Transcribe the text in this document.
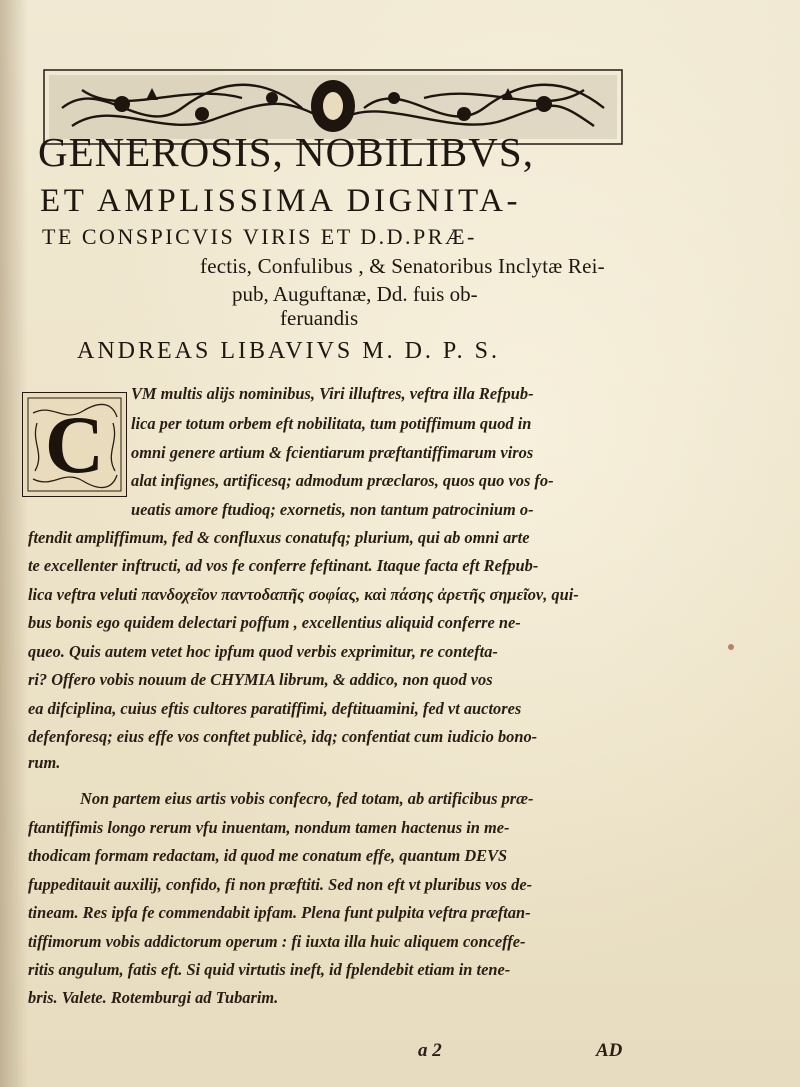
GENEROSIS, NOBILIBVS,
ET AMPLISSIMA DIGNITA-
TE CONSPICVIS VIRIS ET D.D.PRÆ-
fectis, Confulibus , & Senatoribus Inclytæ Rei-
pub, Auguftanæ, Dd. fuis ob-
feruandis
ANDREAS LIBAVIVS M. D. P. S.
C
VM multis alijs nominibus, Viri illuftres, veftra illa Refpub-
lica per totum orbem eft nobilitata, tum potiffimum quod in
omni genere artium & fcientiarum præftantiffimarum viros
alat infignes, artificesq; admodum præclaros, quos quo vos fo-
ueatis amore ftudioq; exornetis, non tantum patrocinium o-
ftendit ampliffimum, fed & confluxus conatufq; plurium, qui ab omni arte
te excellenter inftructi, ad vos fe conferre feftinant. Itaque facta eft Refpub-
lica veftra veluti πανδοχεῖον παντοδαπῆς σοφίας, καὶ πάσης ἀρετῆς σημεῖον, qui-
bus bonis ego quidem delectari poffum , excellentius aliquid conferre ne-
queo. Quis autem vetet hoc ipfum quod verbis exprimitur, re contefta-
ri? Offero vobis nouum de CHYMIA librum, & addico, non quod vos
ea difciplina, cuius eftis cultores paratiffimi, deftituamini, fed vt auctores
defenforesq; eius effe vos conftet publicè, idq; confentiat cum iudicio bono-
rum.
Non partem eius artis vobis confecro, fed totam, ab artificibus præ-
ftantiffimis longo rerum vfu inuentam, nondum tamen hactenus in me-
thodicam formam redactam, id quod me conatum effe, quantum DEVS
fuppeditauit auxilij, confido, fi non præftiti. Sed non eft vt pluribus vos de-
tineam. Res ipfa fe commendabit ipfam. Plena funt pulpita veftra præftan-
tiffimorum vobis addictorum operum : fi iuxta illa huic aliquem conceffe-
ritis angulum, fatis eft. Si quid virtutis ineft, id fplendebit etiam in tene-
bris. Valete. Rotemburgi ad Tubarim.
a 2	AD
